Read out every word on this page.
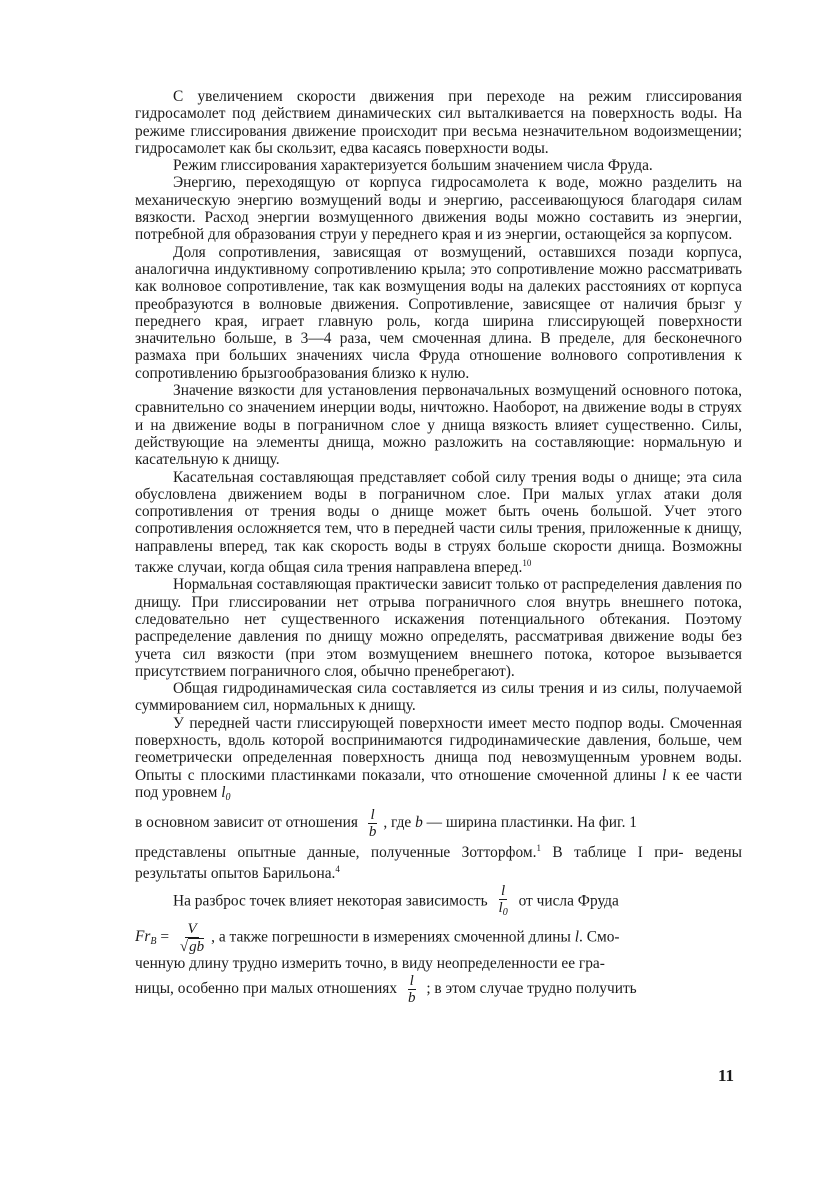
С увеличением скорости движения при переходе на режим глиссирования гидросамолет под действием динамических сил выталкивается на поверхность воды. На режиме глиссирования движение происходит при весьма незначительном водоизмещении; гидросамолет как бы скользит, едва касаясь поверхности воды.

Режим глиссирования характеризуется большим значением числа Фруда.

Энергию, переходящую от корпуса гидросамолета к воде, можно разделить на механическую энергию возмущений воды и энергию, рассеивающуюся благодаря силам вязкости. Расход энергии возмущенного движения воды можно составить из энергии, потребной для образования струи у переднего края и из энергии, остающейся за корпусом.

Доля сопротивления, зависящая от возмущений, оставшихся позади корпуса, аналогична индуктивному сопротивлению крыла; это сопротивление можно рассматривать как волновое сопротивление, так как возмущения воды на далеких расстояниях от корпуса преобразуются в волновые движения. Сопротивление, зависящее от наличия брызг у переднего края, играет главную роль, когда ширина глиссирующей поверхности значительно больше, в 3—4 раза, чем смоченная длина. В пределе, для бесконечного размаха при больших значениях числа Фруда отношение волнового сопротивления к сопротивлению брызгообразования близко к нулю.

Значение вязкости для установления первоначальных возмущений основного потока, сравнительно со значением инерции воды, ничтожно. Наоборот, на движение воды в струях и на движение воды в пограничном слое у днища вязкость влияет существенно. Силы, действующие на элементы днища, можно разложить на составляющие: нормальную и касательную к днищу.

Касательная составляющая представляет собой силу трения воды о днище; эта сила обусловлена движением воды в пограничном слое. При малых углах атаки доля сопротивления от трения воды о днище может быть очень большой. Учет этого сопротивления осложняется тем, что в передней части силы трения, приложенные к днищу, направлены вперед, так как скорость воды в струях больше скорости днища. Возможны также случаи, когда общая сила трения направлена вперед.$^{10}$

Нормальная составляющая практически зависит только от распределения давления по днищу. При глиссировании нет отрыва пограничного слоя внутрь внешнего потока, следовательно нет существенного искажения потенциального обтекания. Поэтому распределение давления по днищу можно определять, рассматривая движение воды без учета сил вязкости (при этом возмущением внешнего потока, которое вызывается присутствием пограничного слоя, обычно пренебрегают).

Общая гидродинамическая сила составляется из силы трения и из силы, получаемой суммированием сил, нормальных к днищу.

У передней части глиссирующей поверхности имеет место подпор воды. Смоченная поверхность, вдоль которой воспринимаются гидродинамические давления, больше, чем геометрически определенная поверхность днища под невозмущенным уровнем воды. Опыты с плоскими пластинками показали, что отношение смоченной длины l к ее части под уровнем $l_0$

в основном зависит от отношения $\frac{l}{b}$ , где b — ширина пластинки. На фиг. 1

представлены опытные данные, полученные Зотторфом.$^1$ В таблице I при- ведены результаты опытов Барильона.$^4$

На разброс точек влияет некоторая зависимость $\frac{l}{l_0}$ от числа Фруда
$Fr_B = \frac{V}{√gb}$ , а также погрешности в измерениях смоченной длины l. Смо-

ченную длину трудно измерить точно, в виду неопределенности ее гра-

ницы, особенно при малых отношениях $\frac{l}{b}$ ; в этом случае трудно получить
11
